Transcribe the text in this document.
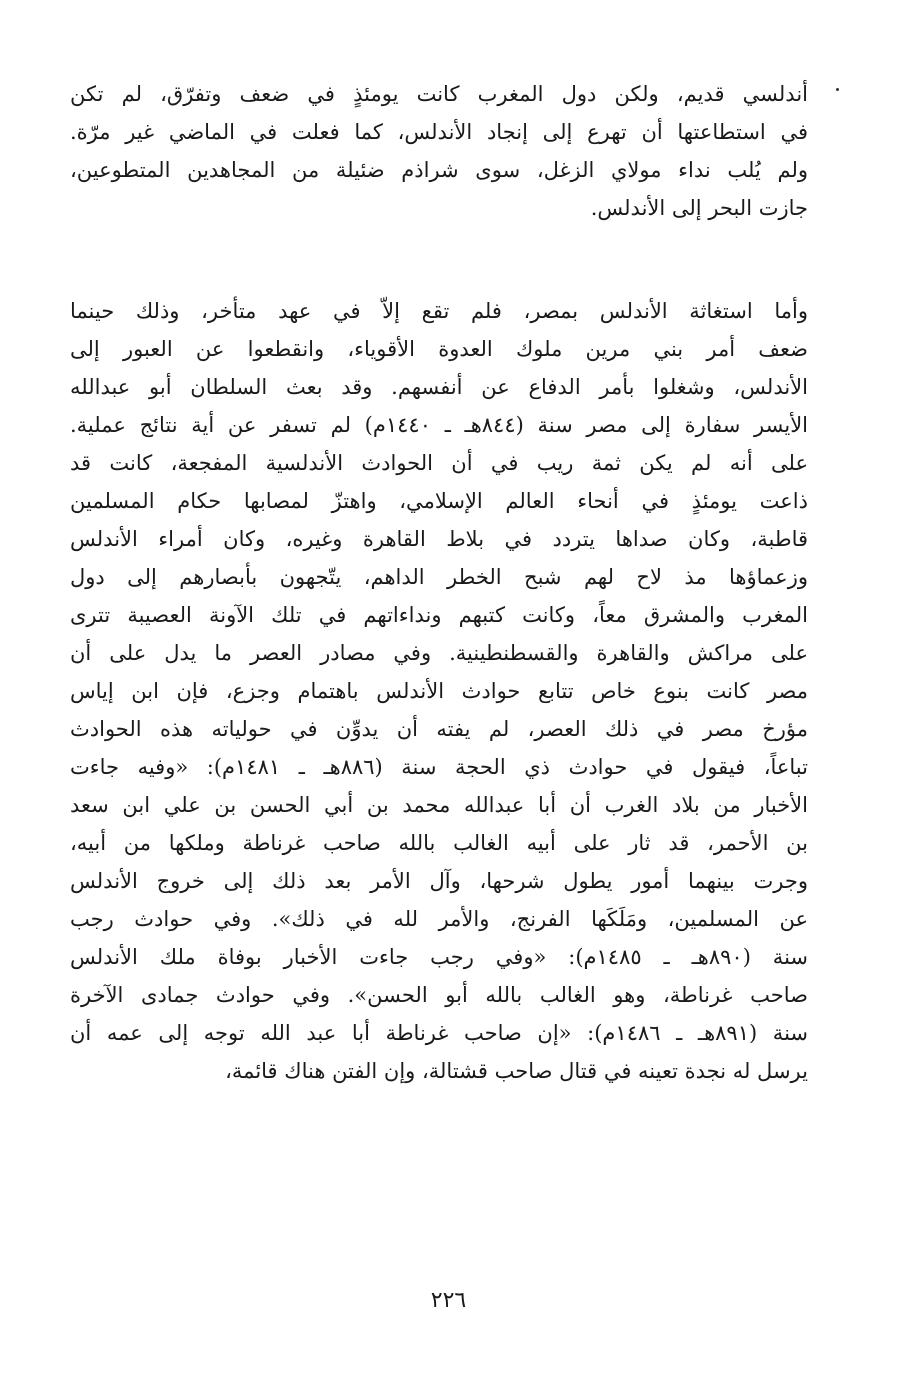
أندلسي قديم، ولكن دول المغرب كانت يومئذٍ في ضعف وتفرّق، لم تكن
في استطاعتها أن تهرع إلى إنجاد الأندلس، كما فعلت في الماضي غير مرّة.
ولم يُلب نداء مولاي الزغل، سوى شراذم ضئيلة من المجاهدين المتطوعين،
جازت البحر إلى الأندلس.
وأما استغاثة الأندلس بمصر، فلم تقع إلاّ في عهد متأخر، وذلك حينما
ضعف أمر بني مرين ملوك العدوة الأقوياء، وانقطعوا عن العبور إلى
الأندلس، وشغلوا بأمر الدفاع عن أنفسهم. وقد بعث السلطان أبو عبدالله
الأيسر سفارة إلى مصر سنة (٨٤٤هـ ـ ١٤٤٠م) لم تسفر عن أية نتائج عملية.
على أنه لم يكن ثمة ريب في أن الحوادث الأندلسية المفجعة، كانت قد
ذاعت يومئذٍ في أنحاء العالم الإسلامي، واهتزّ لمصابها حكام المسلمين
قاطبة، وكان صداها يتردد في بلاط القاهرة وغيره، وكان أمراء الأندلس
وزعماؤها مذ لاح لهم شبح الخطر الداهم، يتّجهون بأبصارهم إلى دول
المغرب والمشرق معاً، وكانت كتبهم ونداءاتهم في تلك الآونة العصيبة تترى
على مراكش والقاهرة والقسطنطينية. وفي مصادر العصر ما يدل على أن
مصر كانت بنوع خاص تتابع حوادث الأندلس باهتمام وجزع، فإن ابن إياس
مؤرخ مصر في ذلك العصر، لم يفته أن يدوِّن في حولياته هذه الحوادث
تباعاً، فيقول في حوادث ذي الحجة سنة (٨٨٦هـ ـ ١٤٨١م): «وفيه جاءت
الأخبار من بلاد الغرب أن أبا عبدالله محمد بن أبي الحسن بن علي ابن سعد
بن الأحمر، قد ثار على أبيه الغالب بالله صاحب غرناطة وملكها من أبيه،
وجرت بينهما أمور يطول شرحها، وآل الأمر بعد ذلك إلى خروج الأندلس
عن المسلمين، ومَلَكَها الفرنج، والأمر لله في ذلك». وفي حوادث رجب
سنة (٨٩٠هـ ـ ١٤٨٥م): «وفي رجب جاءت الأخبار بوفاة ملك الأندلس
صاحب غرناطة، وهو الغالب بالله أبو الحسن». وفي حوادث جمادى الآخرة
سنة (٨٩١هـ ـ ١٤٨٦م): «إن صاحب غرناطة أبا عبد الله توجه إلى عمه أن
يرسل له نجدة تعينه في قتال صاحب قشتالة، وإن الفتن هناك قائمة،
٢٢٦
